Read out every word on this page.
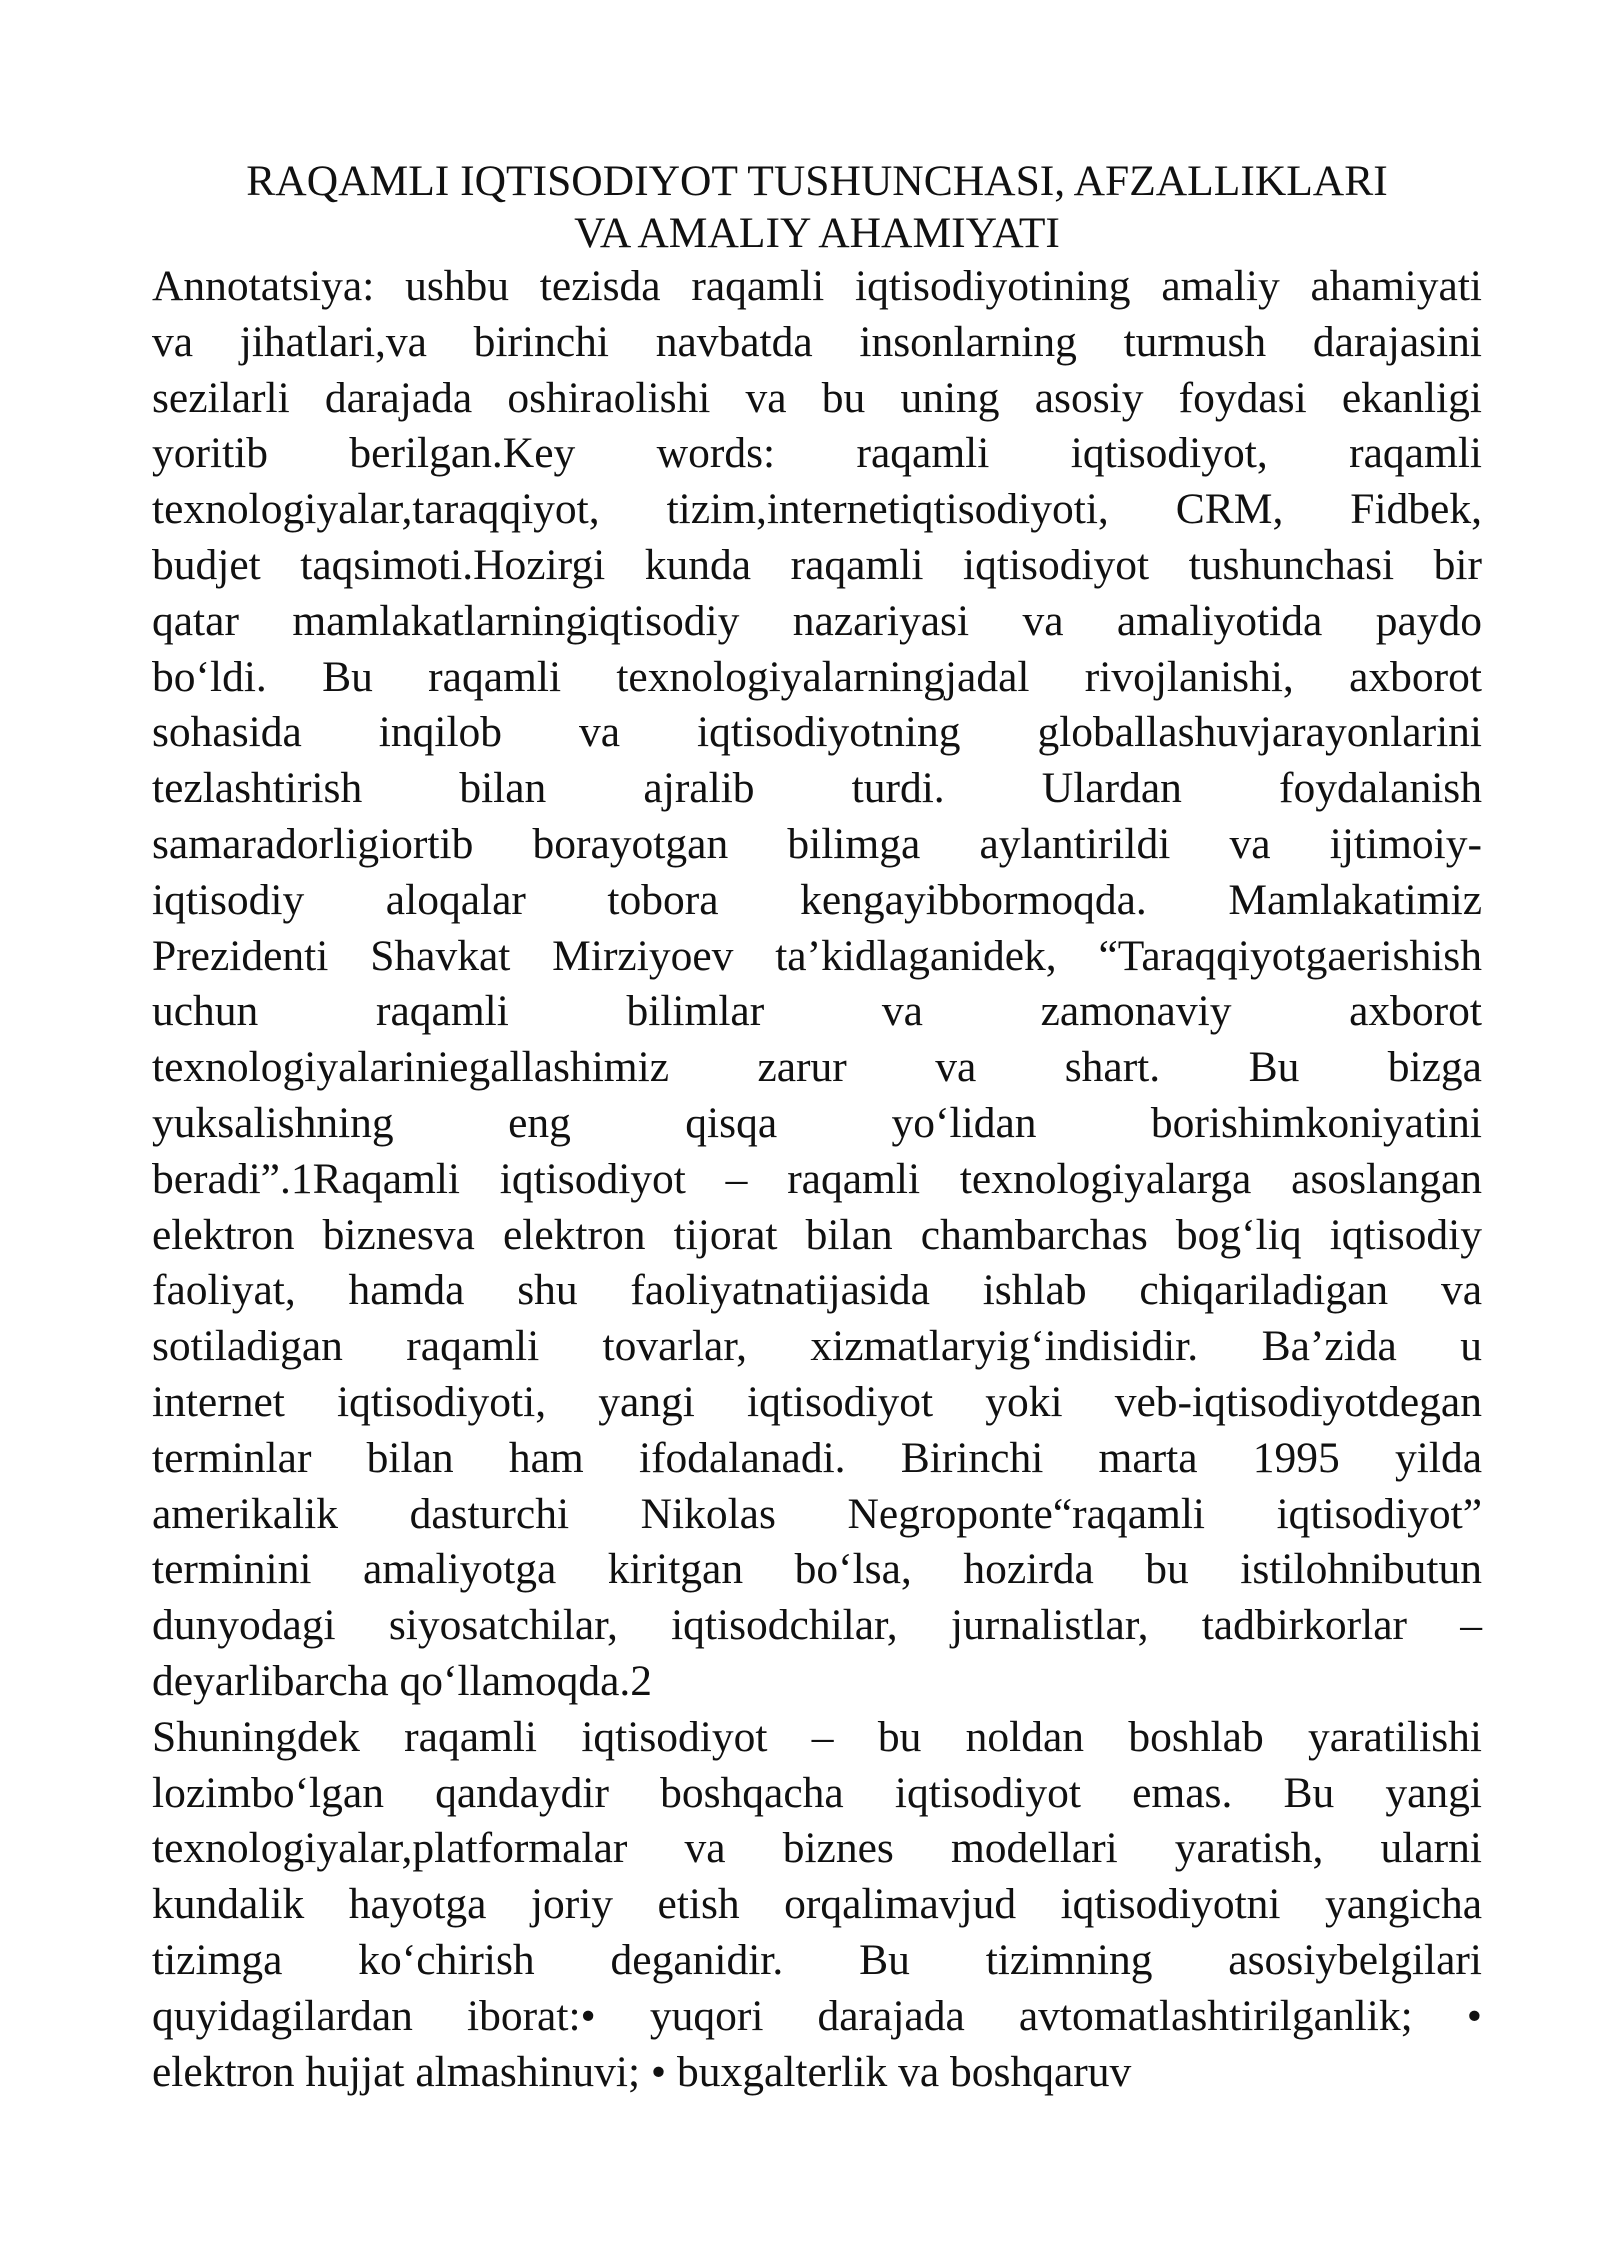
RAQAMLI IQTISODIYOT TUSHUNCHASI, AFZALLIKLARI
VA AMALIY AHAMIYATI
Annotatsiya: ushbu tezisda raqamli iqtisodiyotining amaliy ahamiyati
va jihatlari,va birinchi navbatda insonlarning turmush darajasini
sezilarli darajada oshiraolishi va bu uning asosiy foydasi ekanligi
yoritib berilgan.Key words: raqamli iqtisodiyot, raqamli
texnologiyalar,taraqqiyot, tizim,internetiqtisodiyoti, CRM, Fidbek,
budjet taqsimoti.Hozirgi kunda raqamli iqtisodiyot tushunchasi bir
qatar mamlakatlarningiqtisodiy nazariyasi va amaliyotida paydo
bo‘ldi. Bu raqamli texnologiyalarningjadal rivojlanishi, axborot
sohasida inqilob va iqtisodiyotning globallashuvjarayonlarini
tezlashtirish bilan ajralib turdi. Ulardan foydalanish
samaradorligiortib borayotgan bilimga aylantirildi va ijtimoiy-
iqtisodiy aloqalar tobora kengayibbormoqda. Mamlakatimiz
Prezidenti Shavkat Mirziyoev ta’kidlaganidek, “Taraqqiyotgaerishish
uchun raqamli bilimlar va zamonaviy axborot
texnologiyalariniegallashimiz zarur va shart. Bu bizga
yuksalishning eng qisqa yo‘lidan borishimkoniyatini
beradi”.1Raqamli iqtisodiyot – raqamli texnologiyalarga asoslangan
elektron biznesva elektron tijorat bilan chambarchas bog‘liq iqtisodiy
faoliyat, hamda shu faoliyatnatijasida ishlab chiqariladigan va
sotiladigan raqamli tovarlar, xizmatlaryig‘indisidir. Ba’zida u
internet iqtisodiyoti, yangi iqtisodiyot yoki veb-iqtisodiyotdegan
terminlar bilan ham ifodalanadi. Birinchi marta 1995 yilda
amerikalik dasturchi Nikolas Negroponte“raqamli iqtisodiyot”
terminini amaliyotga kiritgan bo‘lsa, hozirda bu istilohnibutun
dunyodagi siyosatchilar, iqtisodchilar, jurnalistlar, tadbirkorlar –
deyarlibarcha qo‘llamoqda.2
Shuningdek raqamli iqtisodiyot – bu noldan boshlab yaratilishi
lozimbo‘lgan qandaydir boshqacha iqtisodiyot emas. Bu yangi
texnologiyalar,platformalar va biznes modellari yaratish, ularni
kundalik hayotga joriy etish orqalimavjud iqtisodiyotni yangicha
tizimga ko‘chirish deganidir. Bu tizimning asosiybelgilari
quyidagilardan iborat:• yuqori darajada avtomatlashtirilganlik; •
elektron hujjat almashinuvi; • buxgalterlik va boshqaruv
